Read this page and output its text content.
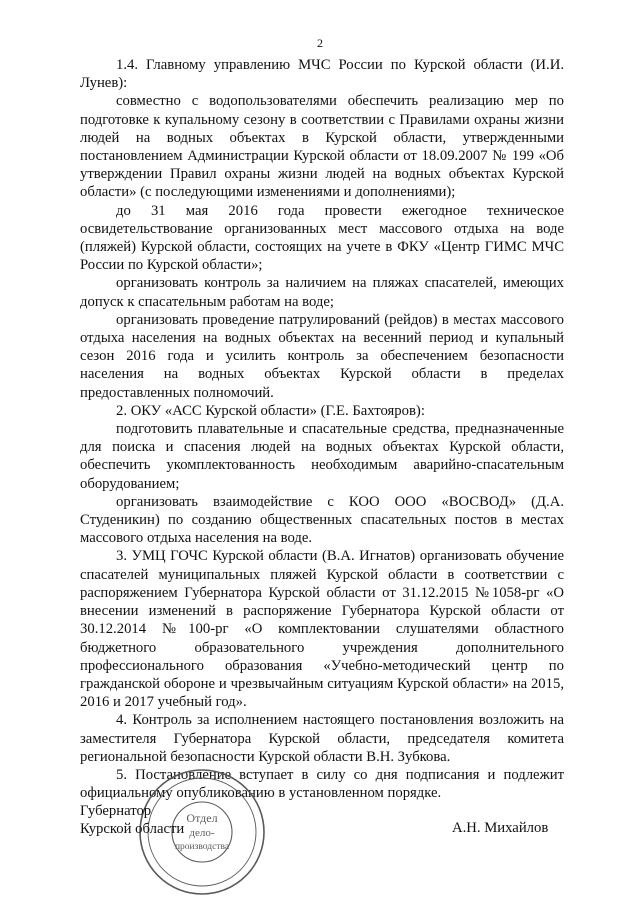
2

1.4. Главному управлению МЧС России по Курской области (И.И. Лунев):

совместно с водопользователями обеспечить реализацию мер по подготовке к купальному сезону в соответствии с Правилами охраны жизни людей на водных объектах в Курской области, утвержденными постановлением Администрации Курской области от 18.09.2007 № 199 «Об утверждении Правил охраны жизни людей на водных объектах Курской области» (с последующими изменениями и дополнениями);

до 31 мая 2016 года провести ежегодное техническое освидетельствование организованных мест массового отдыха на воде (пляжей) Курской области, состоящих на учете в ФКУ «Центр ГИМС МЧС России по Курской области»;

организовать контроль за наличием на пляжах спасателей, имеющих допуск к спасательным работам на воде;

организовать проведение патрулирований (рейдов) в местах массового отдыха населения на водных объектах на весенний период и купальный сезон 2016 года и усилить контроль за обеспечением безопасности населения на водных объектах Курской области в пределах предоставленных полномочий.

2. ОКУ «АСС Курской области» (Г.Е. Бахтояров):

подготовить плавательные и спасательные средства, предназначенные для поиска и спасения людей на водных объектах Курской области, обеспечить укомплектованность необходимым аварийно-спасательным оборудованием;

организовать взаимодействие с КОО ООО «ВОСВОД» (Д.А. Студеникин) по созданию общественных спасательных постов в местах массового отдыха населения на воде.

3. УМЦ ГОЧС Курской области (В.А. Игнатов) организовать обучение спасателей муниципальных пляжей Курской области в соответствии с распоряжением Губернатора Курской области от 31.12.2015 №1058-рг «О внесении изменений в распоряжение Губернатора Курской области от 30.12.2014 №100-рг «О комплектовании слушателями областного бюджетного образовательного учреждения дополнительного профессионального образования «Учебно-методический центр по гражданской обороне и чрезвычайным ситуациям Курской области» на 2015, 2016 и 2017 учебный год».

4. Контроль за исполнением настоящего постановления возложить на заместителя Губернатора Курской области, председателя комитета региональной безопасности Курской области В.Н. Зубкова.

5. Постановление вступает в силу со дня подписания и подлежит официальному опубликованию в установленном порядке.

Отдел
дело-
производства
Губернатор
Курской области	А.Н. Михайлов
